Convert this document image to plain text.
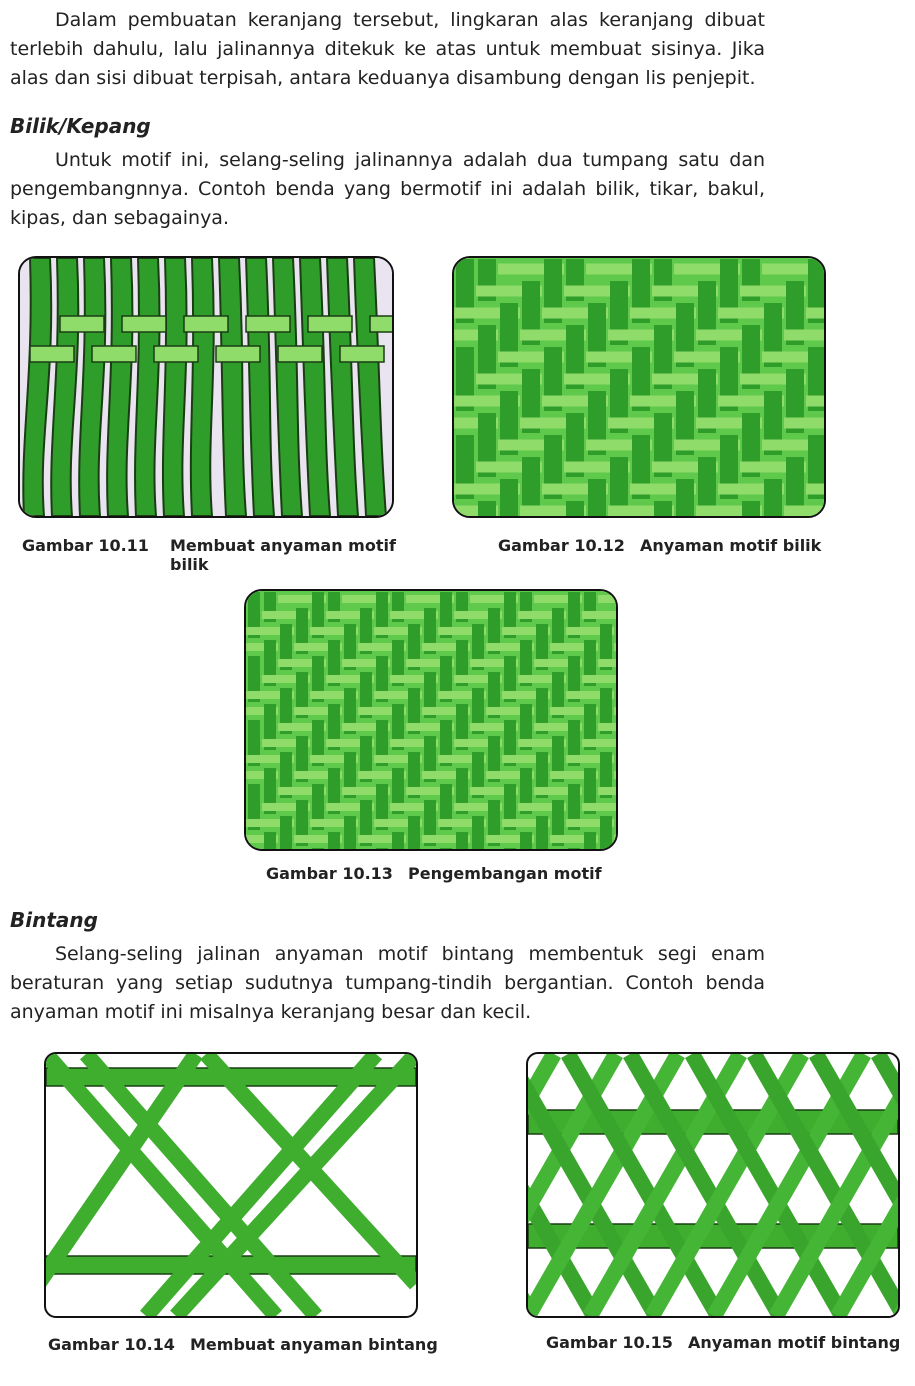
Dalam pembuatan keranjang tersebut, lingkaran alas keranjang dibuat terlebih dahulu, lalu jalinannya ditekuk ke atas untuk membuat sisinya. Jika alas dan sisi dibuat terpisah, antara keduanya disambung dengan lis penjepit.

Bilik/Kepang

Untuk motif ini, selang-seling jalinannya adalah dua tumpang satu dan pengembangnnya. Contoh benda yang bermotif ini adalah bilik, tikar, bakul, kipas, dan sebagainya.

Gambar 10.11 Membuat anyaman motif bilik
Gambar 10.12 Anyaman motif bilik
Gambar 10.13 Pengembangan motif
Bintang

Selang-seling jalinan anyaman motif bintang membentuk segi enam beraturan yang setiap sudutnya tumpang-tindih bergantian. Contoh benda anyaman motif ini misalnya keranjang besar dan kecil.

Gambar 10.14 Membuat anyaman bintang	Gambar 10.15 Anyaman motif bintang
